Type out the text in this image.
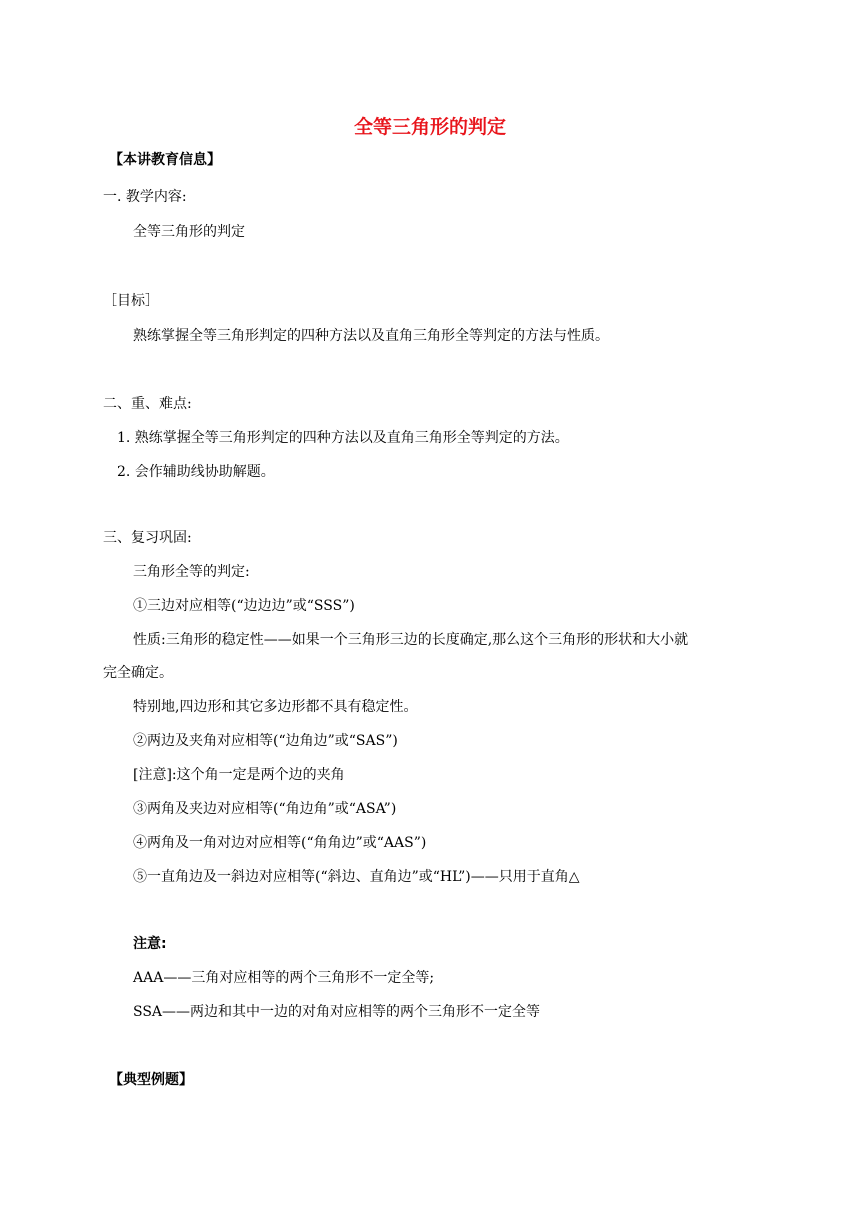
全等三角形的判定
【本讲教育信息】
一. 教学内容:
全等三角形的判定
［目标］
熟练掌握全等三角形判定的四种方法以及直角三角形全等判定的方法与性质。
二、重、难点:
1. 熟练掌握全等三角形判定的四种方法以及直角三角形全等判定的方法。
2. 会作辅助线协助解题。
三、复习巩固:
三角形全等的判定:
①三边对应相等(“边边边”或“SSS”)
性质:三角形的稳定性——如果一个三角形三边的长度确定,那么这个三角形的形状和大小就
完全确定。
特别地,四边形和其它多边形都不具有稳定性。
②两边及夹角对应相等(“边角边”或“SAS”)
[注意]:这个角一定是两个边的夹角
③两角及夹边对应相等(“角边角”或“ASA”)
④两角及一角对边对应相等(“角角边”或“AAS”)
⑤一直角边及一斜边对应相等(“斜边、直角边”或“HL”)——只用于直角△
注意:
AAA——三角对应相等的两个三角形不一定全等;
SSA——两边和其中一边的对角对应相等的两个三角形不一定全等
【典型例题】
